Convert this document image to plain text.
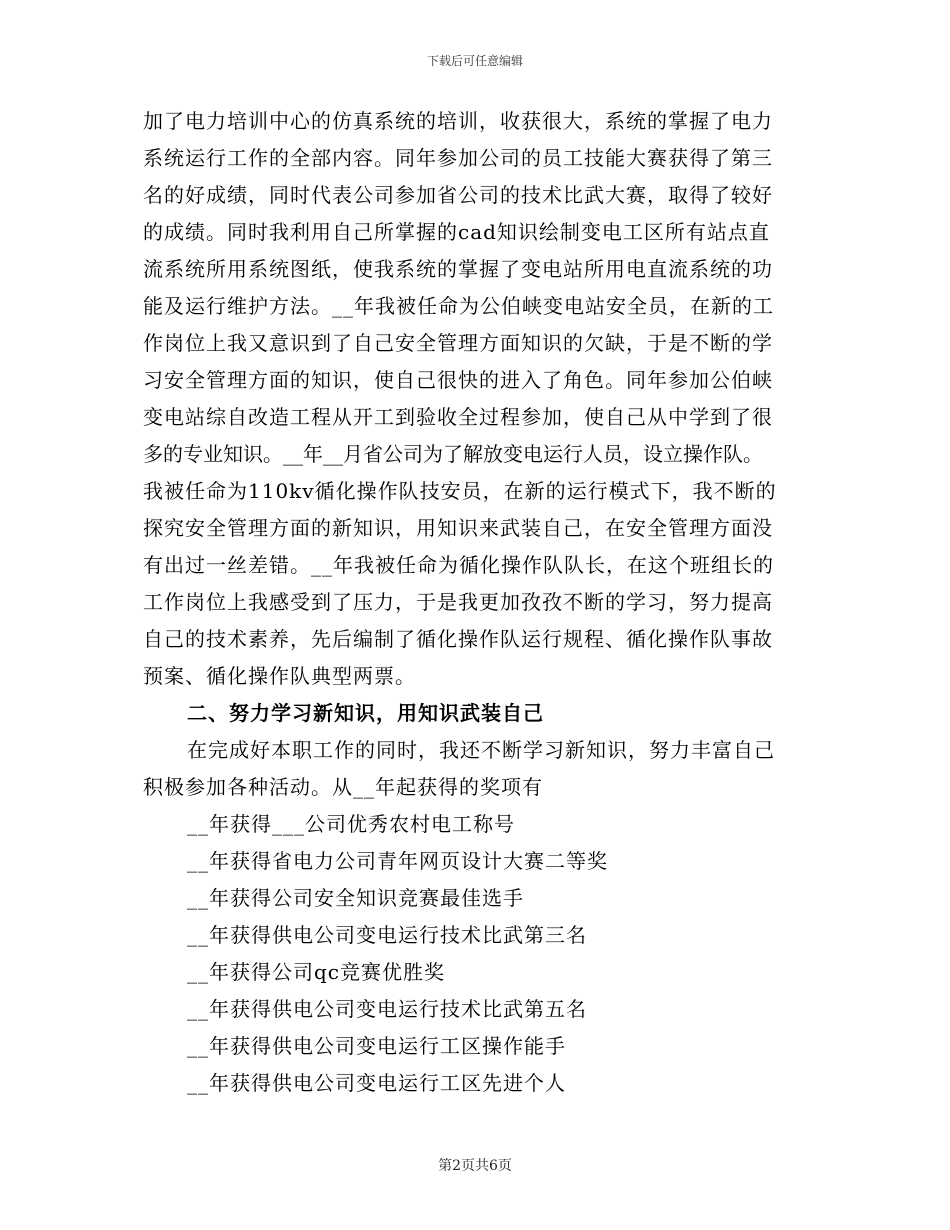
下载后可任意编辑
加了电力培训中心的仿真系统的培训，收获很大，系统的掌握了电力
系统运行工作的全部内容。同年参加公司的员工技能大赛获得了第三
名的好成绩，同时代表公司参加省公司的技术比武大赛，取得了较好
的成绩。同时我利用自己所掌握的cad知识绘制变电工区所有站点直
流系统所用系统图纸，使我系统的掌握了变电站所用电直流系统的功
能及运行维护方法。__年我被任命为公伯峡变电站安全员，在新的工
作岗位上我又意识到了自己安全管理方面知识的欠缺，于是不断的学
习安全管理方面的知识，使自己很快的进入了角色。同年参加公伯峡
变电站综自改造工程从开工到验收全过程参加，使自己从中学到了很
多的专业知识。__年__月省公司为了解放变电运行人员，设立操作队。
我被任命为110kv循化操作队技安员，在新的运行模式下，我不断的
探究安全管理方面的新知识，用知识来武装自己，在安全管理方面没
有出过一丝差错。__年我被任命为循化操作队队长，在这个班组长的
工作岗位上我感受到了压力，于是我更加孜孜不断的学习，努力提高
自己的技术素养，先后编制了循化操作队运行规程、循化操作队事故
预案、循化操作队典型两票。
二、努力学习新知识，用知识武装自己
在完成好本职工作的同时，我还不断学习新知识，努力丰富自己
积极参加各种活动。从__年起获得的奖项有
__年获得___公司优秀农村电工称号
__年获得省电力公司青年网页设计大赛二等奖
__年获得公司安全知识竞赛最佳选手
__年获得供电公司变电运行技术比武第三名
__年获得公司qc竞赛优胜奖
__年获得供电公司变电运行技术比武第五名
__年获得供电公司变电运行工区操作能手
__年获得供电公司变电运行工区先进个人
第2页共6页
